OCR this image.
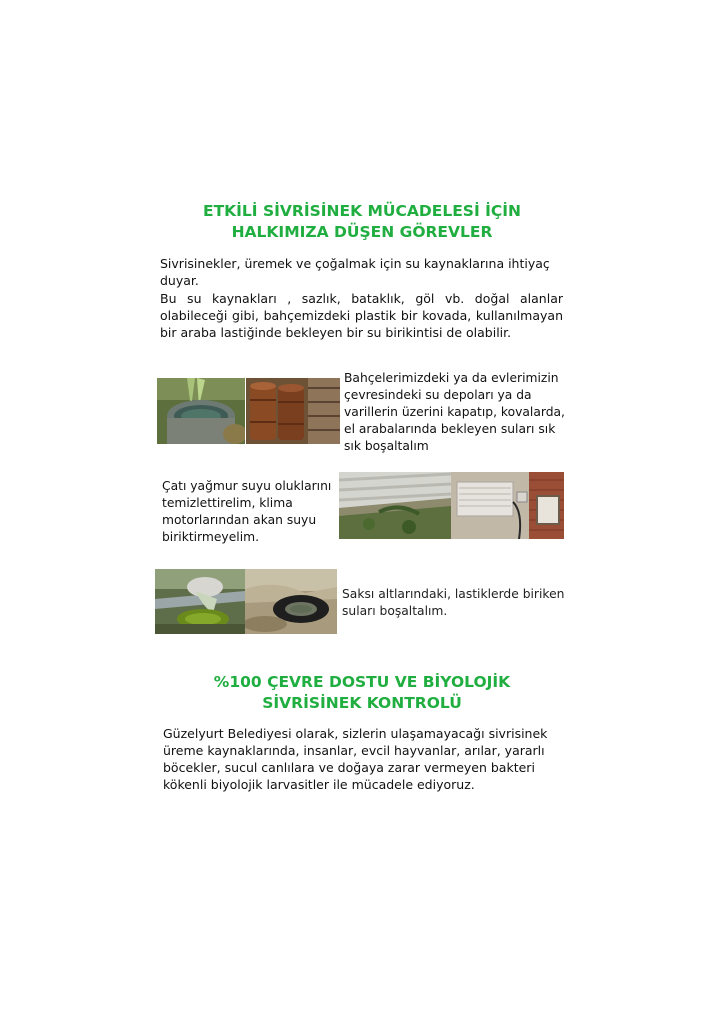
ETKİLİ SİVRİSİNEK MÜCADELESİ İÇİN
HALKIMIZA DÜŞEN GÖREVLER
Sivrisinekler, üremek ve çoğalmak için su kaynaklarına ihtiyaç duyar.
Bu su kaynakları , sazlık, bataklık, göl vb. doğal alanlar olabileceği gibi, bahçemizdeki plastik bir kovada, kullanılmayan bir araba lastiğinde bekleyen bir su birikintisi de olabilir.
Bahçelerimizdeki ya da evlerimizin çevresindeki su depoları ya da varillerin üzerini kapatıp, kovalarda, el arabalarında bekleyen suları sık sık boşaltalım
Çatı yağmur suyu oluklarını temizlettirelim, klima motorlarından akan suyu biriktirmeyelim.
Saksı altlarındaki, lastiklerde biriken suları boşaltalım.
%100 ÇEVRE DOSTU VE BİYOLOJİK
SİVRİSİNEK KONTROLÜ
Güzelyurt Belediyesi olarak, sizlerin ulaşamayacağı sivrisinek üreme kaynaklarında, insanlar, evcil hayvanlar, arılar, yararlı böcekler, sucul canlılara ve doğaya zarar vermeyen bakteri kökenli biyolojik larvasitler ile mücadele ediyoruz.
